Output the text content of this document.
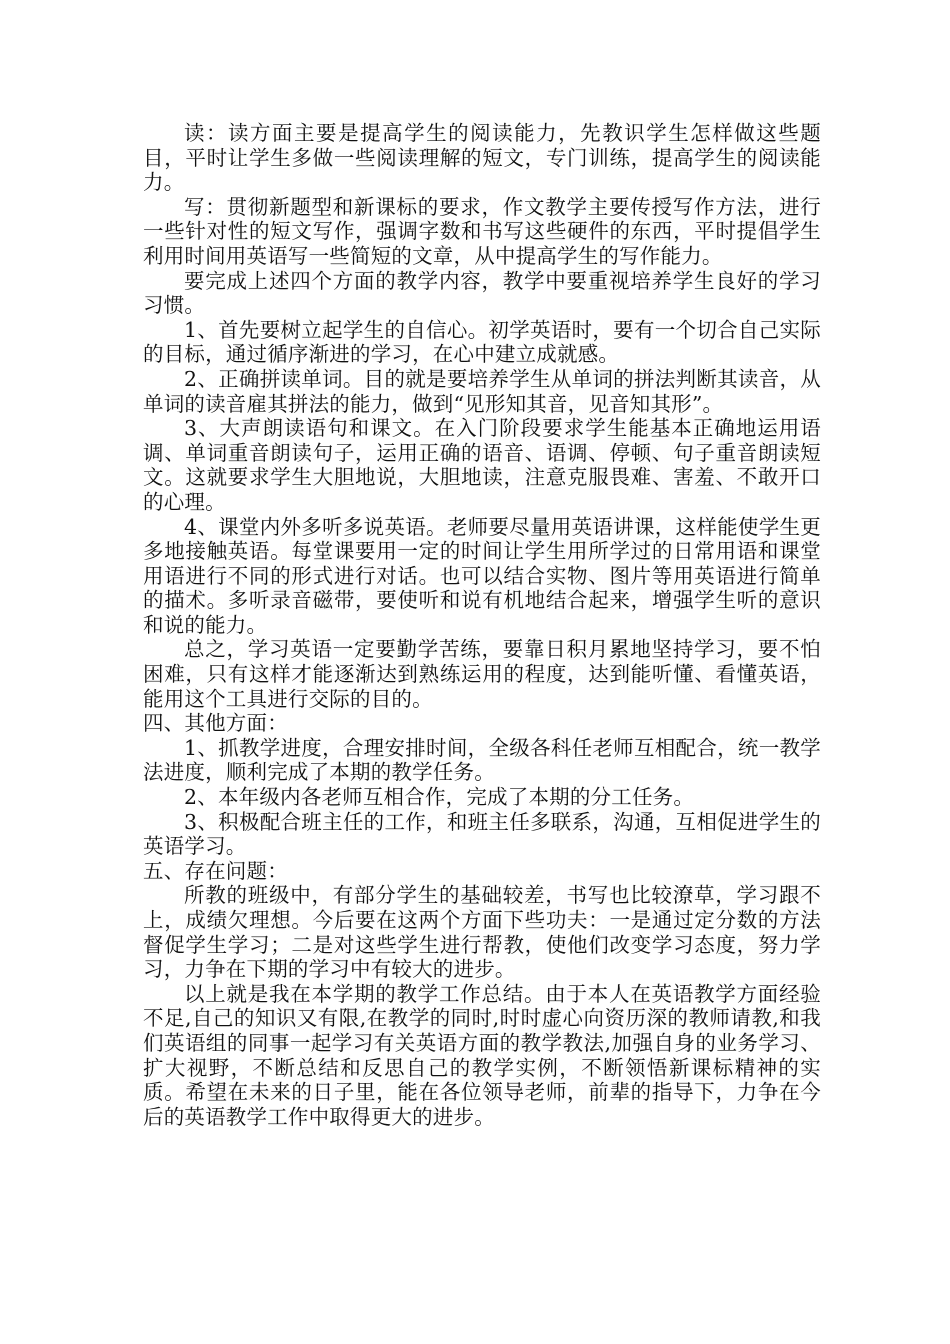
读：读方面主要是提高学生的阅读能力，先教识学生怎样做这些题目，平时让学生多做一些阅读理解的短文，专门训练，提高学生的阅读能力。

写：贯彻新题型和新课标的要求，作文教学主要传授写作方法，进行一些针对性的短文写作，强调字数和书写这些硬件的东西，平时提倡学生利用时间用英语写一些简短的文章，从中提高学生的写作能力。

要完成上述四个方面的教学内容，教学中要重视培养学生良好的学习习惯。

1、首先要树立起学生的自信心。初学英语时，要有一个切合自己实际的目标，通过循序渐进的学习，在心中建立成就感。

2、正确拼读单词。目的就是要培养学生从单词的拼法判断其读音，从单词的读音雇其拼法的能力，做到“见形知其音，见音知其形”。

3、大声朗读语句和课文。在入门阶段要求学生能基本正确地运用语调、单词重音朗读句子，运用正确的语音、语调、停顿、句子重音朗读短文。这就要求学生大胆地说，大胆地读，注意克服畏难、害羞、不敢开口的心理。

4、课堂内外多听多说英语。老师要尽量用英语讲课，这样能使学生更多地接触英语。每堂课要用一定的时间让学生用所学过的日常用语和课堂用语进行不同的形式进行对话。也可以结合实物、图片等用英语进行简单的描术。多听录音磁带，要使听和说有机地结合起来，增强学生听的意识和说的能力。

总之，学习英语一定要勤学苦练，要靠日积月累地坚持学习，要不怕困难，只有这样才能逐渐达到熟练运用的程度，达到能听懂、看懂英语，能用这个工具进行交际的目的。

四、其他方面：

1、抓教学进度，合理安排时间，全级各科任老师互相配合，统一教学法进度，顺利完成了本期的教学任务。

2、本年级内各老师互相合作，完成了本期的分工任务。

3、积极配合班主任的工作，和班主任多联系，沟通，互相促进学生的英语学习。

五、存在问题：

所教的班级中，有部分学生的基础较差，书写也比较潦草，学习跟不上，成绩欠理想。今后要在这两个方面下些功夫：一是通过定分数的方法督促学生学习；二是对这些学生进行帮教，使他们改变学习态度，努力学习，力争在下期的学习中有较大的进步。

以上就是我在本学期的教学工作总结。由于本人在英语教学方面经验不足,自己的知识又有限,在教学的同时,时时虚心向资历深的教师请教,和我们英语组的同事一起学习有关英语方面的教学教法,加强自身的业务学习、扩大视野，不断总结和反思自己的教学实例，不断领悟新课标精神的实质。希望在未来的日子里，能在各位领导老师，前辈的指导下，力争在今后的英语教学工作中取得更大的进步。
